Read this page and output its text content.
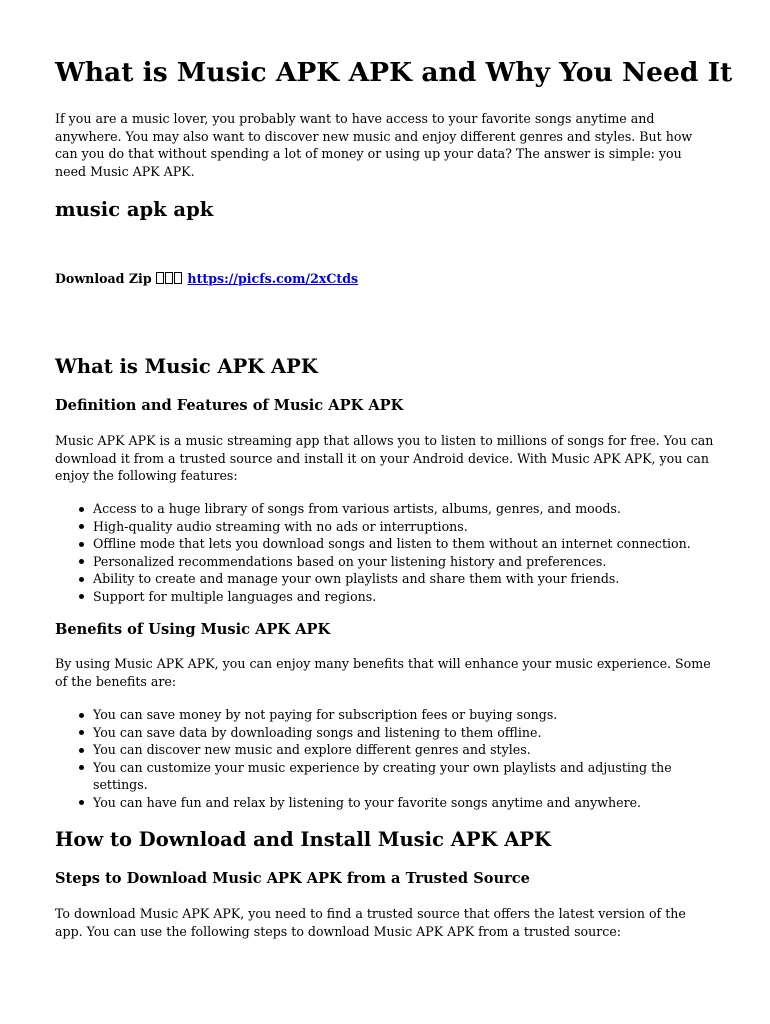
What is Music APK APK and Why You Need It

If you are a music lover, you probably want to have access to your favorite songs anytime and anywhere. You may also want to discover new music and enjoy different genres and styles. But how can you do that without spending a lot of money or using up your data? The answer is simple: you need Music APK APK.

music apk apk
Download Zip	https://picfs.com/2xCtds
What is Music APK APK
Definition and Features of Music APK APK

Music APK APK is a music streaming app that allows you to listen to millions of songs for free. You can download it from a trusted source and install it on your Android device. With Music APK APK, you can enjoy the following features:

Access to a huge library of songs from various artists, albums, genres, and moods.
High-quality audio streaming with no ads or interruptions.
Offline mode that lets you download songs and listen to them without an internet connection.
Personalized recommendations based on your listening history and preferences.
Ability to create and manage your own playlists and share them with your friends.
Support for multiple languages and regions.
Benefits of Using Music APK APK

By using Music APK APK, you can enjoy many benefits that will enhance your music experience. Some of the benefits are:

You can save money by not paying for subscription fees or buying songs.
You can save data by downloading songs and listening to them offline.
You can discover new music and explore different genres and styles.
You can customize your music experience by creating your own playlists and adjusting the settings.
You can have fun and relax by listening to your favorite songs anytime and anywhere.
How to Download and Install Music APK APK
Steps to Download Music APK APK from a Trusted Source

To download Music APK APK, you need to find a trusted source that offers the latest version of the app. You can use the following steps to download Music APK APK from a trusted source:
